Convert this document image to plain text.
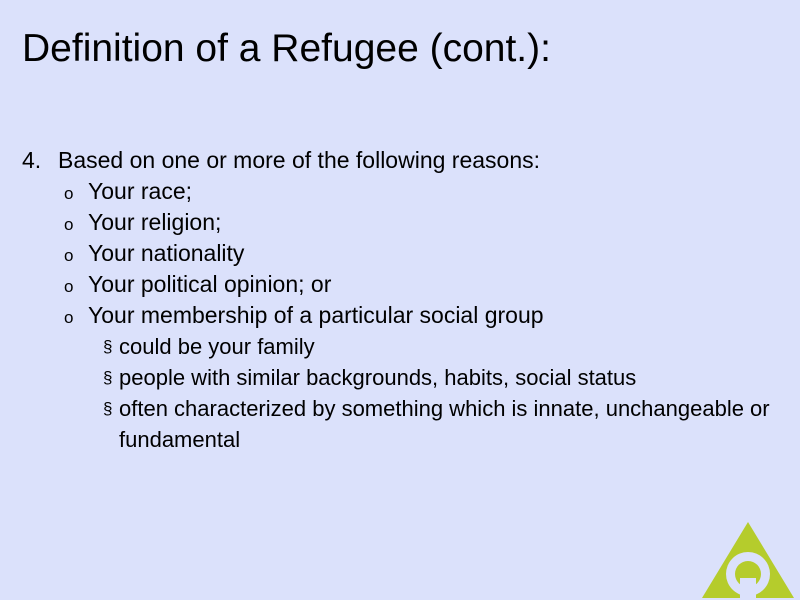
Definition of a Refugee (cont.):
4. Based on one or more of the following reasons:
o Your race;
o Your religion;
o Your nationality
o Your political opinion; or
o Your membership of a particular social group
§ could be your family
§ people with similar backgrounds, habits, social status
§ often characterized by something which is innate, unchangeable or fundamental
